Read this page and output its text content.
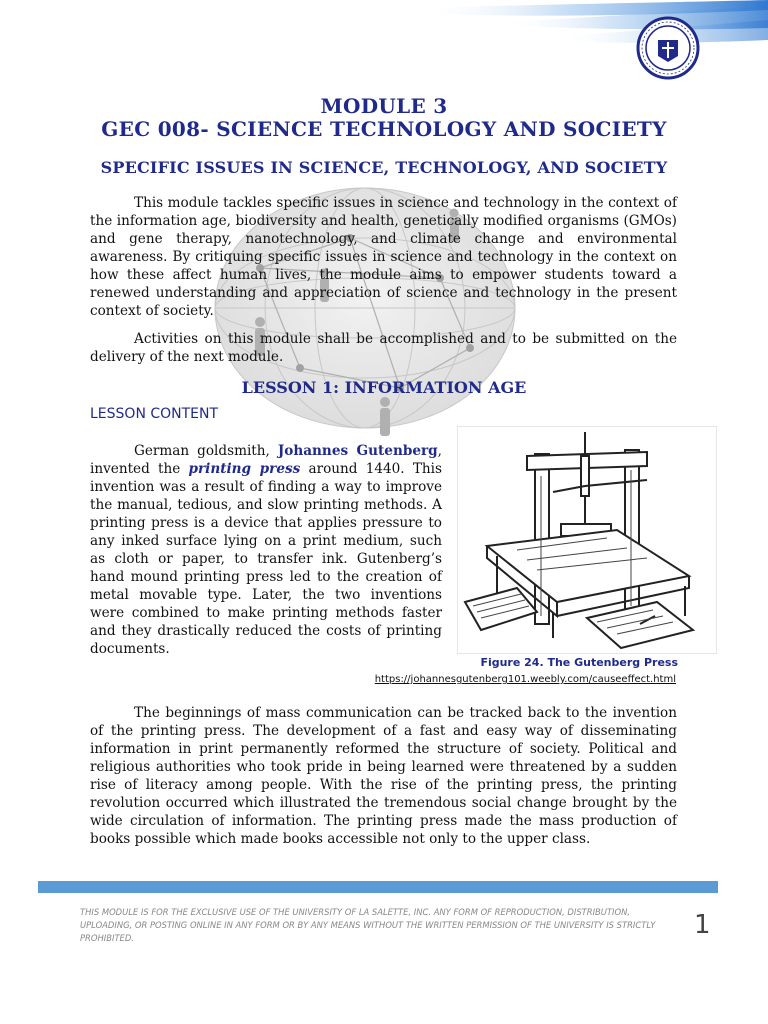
MODULE 3
GEC 008- SCIENCE TECHNOLOGY AND SOCIETY
SPECIFIC ISSUES IN SCIENCE, TECHNOLOGY, AND SOCIETY
This module tackles specific issues in science and technology in the context of the information age, biodiversity and health, genetically modified organisms (GMOs) and gene therapy, nanotechnology, and climate change and environmental awareness. By critiquing specific issues in science and technology in the context on how these affect human lives, the module aims to empower students toward a renewed understanding and appreciation of science and technology in the present context of society.
Activities on this module shall be accomplished and to be submitted on the delivery of the next module.
LESSON 1: INFORMATION AGE
LESSON CONTENT
German goldsmith, Johannes Gutenberg, invented the printing press around 1440. This invention was a result of finding a way to improve the manual, tedious, and slow printing methods. A printing press is a device that applies pressure to any inked surface lying on a print medium, such as cloth or paper, to transfer ink. Gutenberg’s hand mound printing press led to the creation of metal movable type. Later, the two inventions were combined to make printing methods faster and they drastically reduced the costs of printing documents.
Figure 24. The Gutenberg Press
https://johannesgutenberg101.weebly.com/causeeffect.html
The beginnings of mass communication can be tracked back to the invention of the printing press. The development of a fast and easy way of disseminating information in print permanently reformed the structure of society. Political and religious authorities who took pride in being learned were threatened by a sudden rise of literacy among people. With the rise of the printing press, the printing revolution occurred which illustrated the tremendous social change brought by the wide circulation of information. The printing press made the mass production of books possible which made books accessible not only to the upper class.
THIS MODULE IS FOR THE EXCLUSIVE USE OF THE UNIVERSITY OF LA SALETTE, INC. ANY FORM OF REPRODUCTION, DISTRIBUTION, UPLOADING, OR POSTING ONLINE IN ANY FORM OR BY ANY MEANS WITHOUT THE WRITTEN PERMISSION OF THE UNIVERSITY IS STRICTLY PROHIBITED.	1
